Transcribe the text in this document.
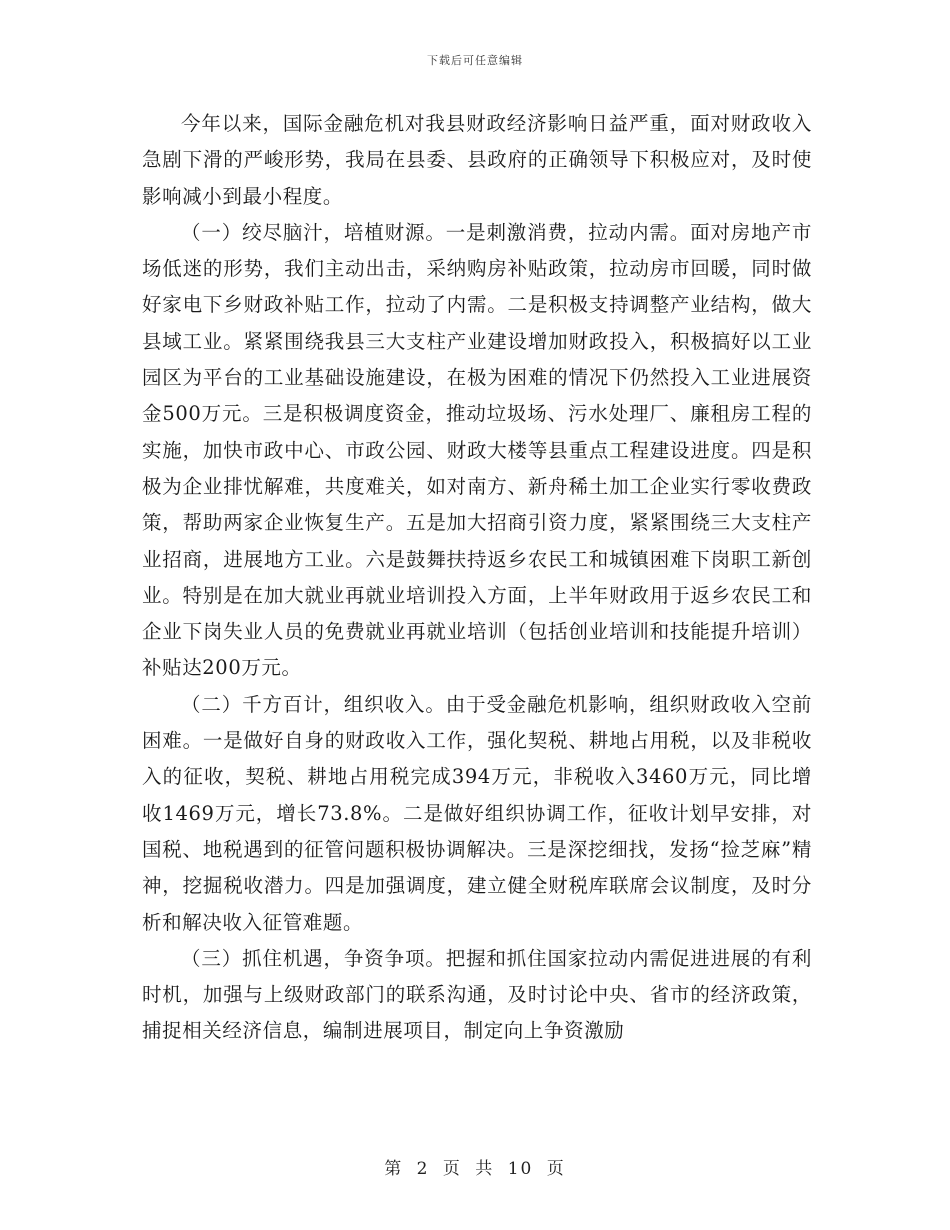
下载后可任意编辑

今年以来，国际金融危机对我县财政经济影响日益严重，面对财政收入急剧下滑的严峻形势，我局在县委、县政府的正确领导下积极应对，及时使影响减小到最小程度。

（一）绞尽脑汁，培植财源。一是刺激消费，拉动内需。面对房地产市场低迷的形势，我们主动出击，采纳购房补贴政策，拉动房市回暖，同时做好家电下乡财政补贴工作，拉动了内需。二是积极支持调整产业结构，做大县域工业。紧紧围绕我县三大支柱产业建设增加财政投入，积极搞好以工业园区为平台的工业基础设施建设，在极为困难的情况下仍然投入工业进展资金500万元。三是积极调度资金，推动垃圾场、污水处理厂、廉租房工程的实施，加快市政中心、市政公园、财政大楼等县重点工程建设进度。四是积极为企业排忧解难，共度难关，如对南方、新舟稀土加工企业实行零收费政策，帮助两家企业恢复生产。五是加大招商引资力度，紧紧围绕三大支柱产业招商，进展地方工业。六是鼓舞扶持返乡农民工和城镇困难下岗职工新创业。特别是在加大就业再就业培训投入方面，上半年财政用于返乡农民工和企业下岗失业人员的免费就业再就业培训（包括创业培训和技能提升培训）补贴达200万元。

（二）千方百计，组织收入。由于受金融危机影响，组织财政收入空前困难。一是做好自身的财政收入工作，强化契税、耕地占用税，以及非税收入的征收，契税、耕地占用税完成394万元，非税收入3460万元，同比增收1469万元，增长73.8%。二是做好组织协调工作，征收计划早安排，对国税、地税遇到的征管问题积极协调解决。三是深挖细找，发扬“捡芝麻”精神，挖掘税收潜力。四是加强调度，建立健全财税库联席会议制度，及时分析和解决收入征管难题。

（三）抓住机遇，争资争项。把握和抓住国家拉动内需促进进展的有利时机，加强与上级财政部门的联系沟通，及时讨论中央、省市的经济政策，捕捉相关经济信息，编制进展项目，制定向上争资激励

第 2 页 共 10 页
